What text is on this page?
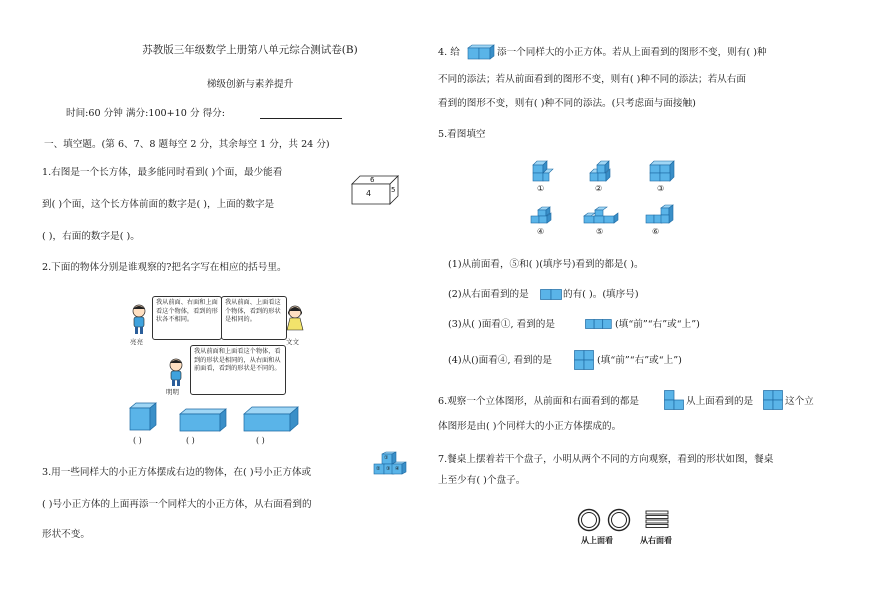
苏教版三年级数学上册第八单元综合测试卷(B)
梯级创新与素养提升
时间:60 分钟 满分:100+10 分 得分:
一、填空题。(第 6、7、8 题每空 2 分，其余每空 1 分，共 24 分)
1.右图是一个长方体，最多能同时看到( )个面，最少能看
到( )个面，这个长方体前面的数字是( )，上面的数字是
( )，右面的数字是( )。
6
4	5
2.下面的物体分别是谁观察的?把名字写在相应的括号里。
亮亮
我从前面、右面和上面看这个物体，看到的形状各不相同。
我从前面、上面看这个物体，看到的形状是相同的。
文文
明明
我从前面和上面看这个物体，看到的形状是相同的，从右面和从前面看，看到的形状是不同的。
( )	( )	( )
3.用一些同样大的小正方体摆成右边的物体，在( )号小正方体或
( )号小正方体的上面再添一个同样大的小正方体，从右面看到的
形状不变。
①
② ③ ④
4. 给	添一个同样大的小正方体。若从上面看到的图形不变，则有( )种
不同的添法；若从前面看到的图形不变，则有( )种不同的添法；若从右面
看到的图形不变，则有( )种不同的添法。(只考虑面与面接触)
5.看图填空
①	②	③
④	⑤	⑥
(1)从前面看，⑤和( )(填序号)看到的都是( )。
(2)从右面看到的是	的有( )。(填序号)
(3)从( )面看①, 看到的是	(填“前”“右”或“上”)
(4)从()面看④, 看到的是	(填“前”“右”或“上”)
6.观察一个立体图形，从前面和右面看到的都是	从上面看到的是	这个立
体图形是由( )个同样大的小正方体摆成的。
7.餐桌上摆着若干个盘子，小明从两个不同的方向观察，看到的形状如图，餐桌
上至少有( )个盘子。
从上面看	从右面看
